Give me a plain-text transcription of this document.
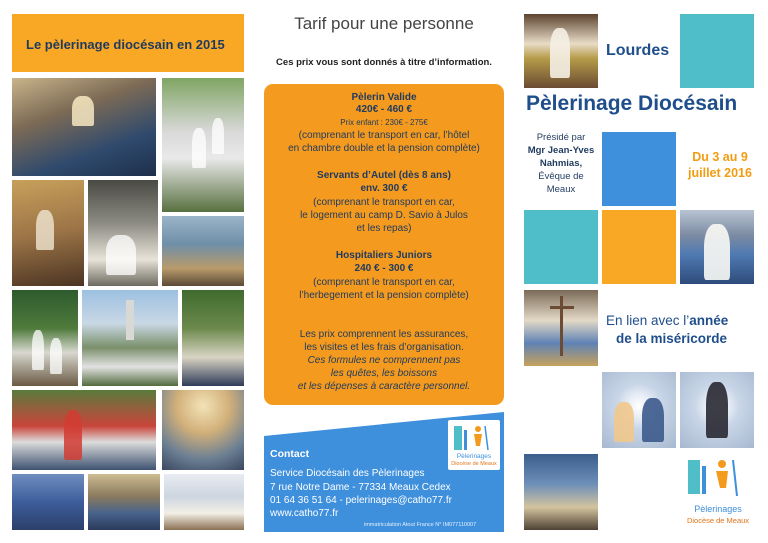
Le pèlerinage diocésain en 2015
Tarif pour une personne
Ces prix vous sont donnés à titre d’information.
Pèlerin Valide
420€ - 460 €
Prix enfant : 230€ - 275€
(comprenant le transport en car, l’hôtel
en chambre double et la pension complète)
Servants d’Autel (dès 8 ans)
env. 300 €
(comprenant le transport en car,
le logement au camp D. Savio à Julos
et les repas)
Hospitaliers Juniors
240 € - 300 €
(comprenant le transport en car,
l’herbegement et la pension complète)
Les prix comprennent les assurances,
les visites et les frais d’organisation.
Ces formules ne comprennent pas
les quêtes, les boissons
et les dépenses à caractère personnel.
Contact
Service Diocésain des Pèlerinages
7 rue Notre Dame - 77334 Meaux Cedex
01 64 36 51 64 - pelerinages@catho77.fr
www.catho77.fr
immatriculation Atout France N° IM077110007
Pèlerinages
Diocèse de Meaux
Lourdes
Pèlerinage Diocésain
Présidé par
Mgr Jean-Yves
Nahmias,
Évêque de
Meaux
Du 3 au 9
juillet 2016
En lien avec l’année
de la miséricorde
Pèlerinages
Diocèse de Meaux
